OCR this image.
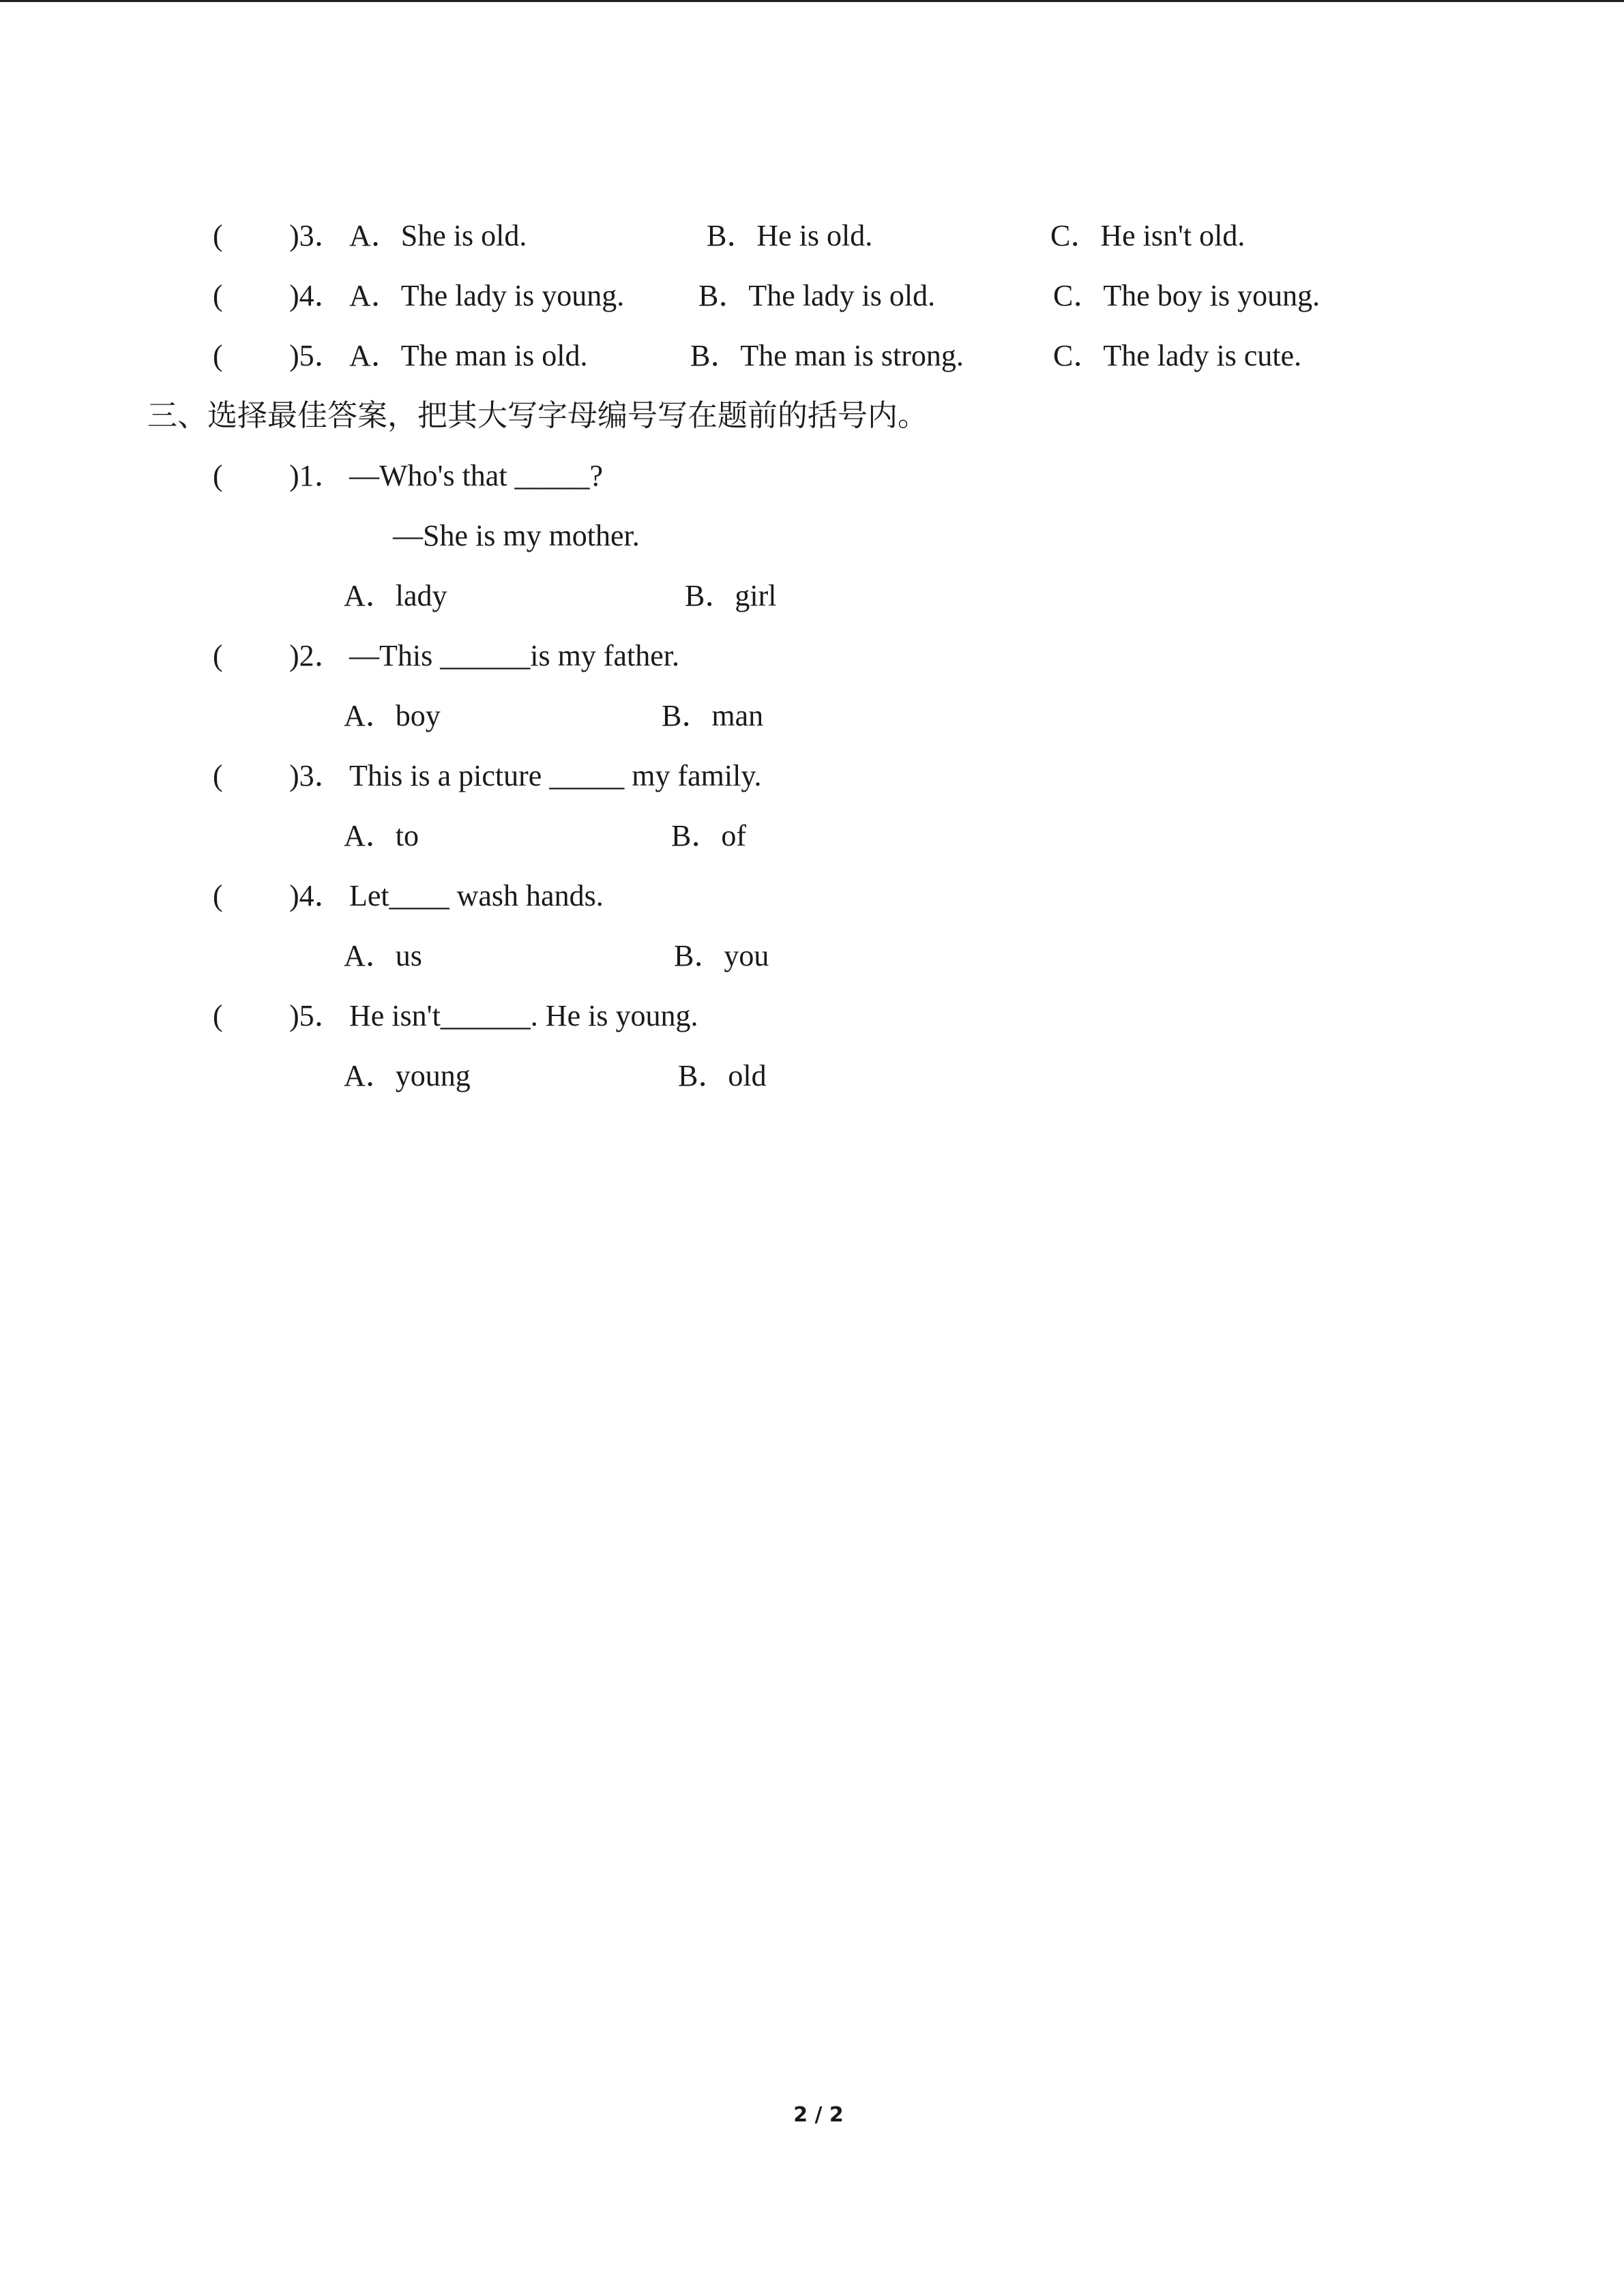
( )3． A．She is old.	B．He is old.	C．He isn't old.
( )4． A．The lady is young. B．The lady is old.	C．The boy is young.
( )5． A．The man is old.	B．The man is strong.	C．The lady is cute.
三、选择最佳答案，把其大写字母编号写在题前的括号内。
( )1． —Who's that _____?
—She is my mother.
A．lady	B．girl
( )2． —This ______is my father.
A．boy	B．man
( )3． This is a picture _____ my family.
A．to	B．of
( )4． Let____ wash hands.
A．us	B．you
( )5． He isn't______. He is young.
A．young	B．old
2 / 2
